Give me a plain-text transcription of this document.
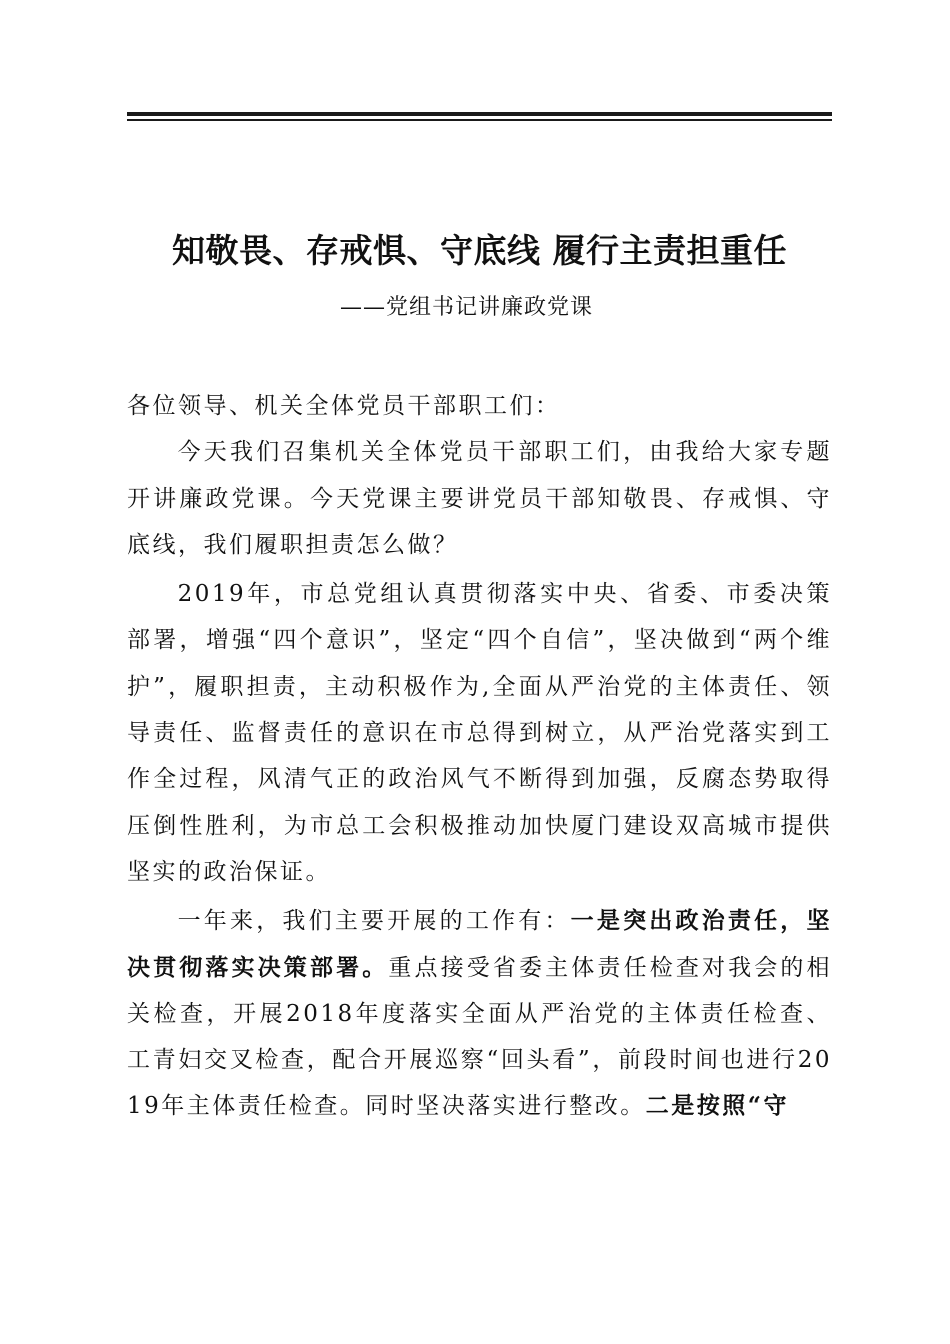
知敬畏、存戒惧、守底线 履行主责担重任
——党组书记讲廉政党课

各位领导、机关全体党员干部职工们：

今天我们召集机关全体党员干部职工们，由我给大家专题开讲廉政党课。今天党课主要讲党员干部知敬畏、存戒惧、守底线，我们履职担责怎么做？

2019年，市总党组认真贯彻落实中央、省委、市委决策部署，增强“四个意识”，坚定“四个自信”，坚决做到“两个维护”，履职担责，主动积极作为,全面从严治党的主体责任、领导责任、监督责任的意识在市总得到树立，从严治党落实到工作全过程，风清气正的政治风气不断得到加强，反腐态势取得压倒性胜利，为市总工会积极推动加快厦门建设双高城市提供坚实的政治保证。

一年来，我们主要开展的工作有：一是突出政治责任，坚决贯彻落实决策部署。重点接受省委主体责任检查对我会的相关检查，开展2018年度落实全面从严治党的主体责任检查、工青妇交叉检查，配合开展巡察“回头看”，前段时间也进行2019年主体责任检查。同时坚决落实进行整改。二是按照“守
